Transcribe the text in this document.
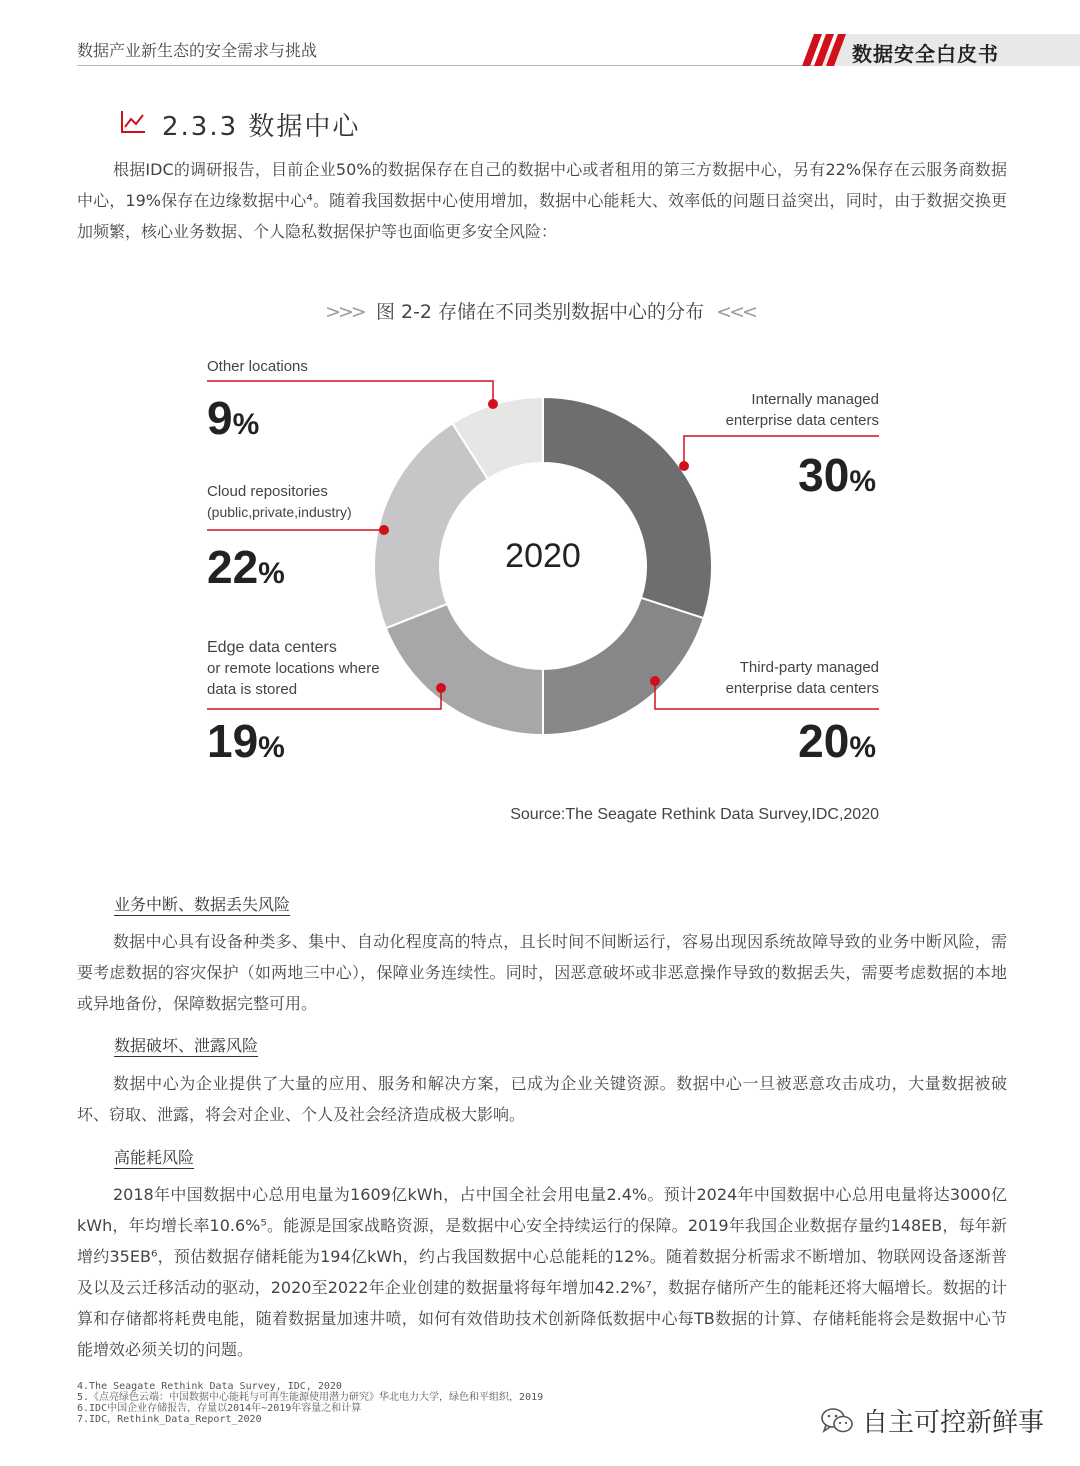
数据产业新生态的安全需求与挑战	数据安全白皮书
2.3.3 数据中心

根据IDC的调研报告，目前企业50%的数据保存在自己的数据中心或者租用的第三方数据中心，另有22%保存在云服务商数据中心，19%保存在边缘数据中心⁴。随着我国数据中心使用增加，数据中心能耗大、效率低的问题日益突出，同时，由于数据交换更加频繁，核心业务数据、个人隐私数据保护等也面临更多安全风险：

>>> 图 2-2 存储在不同类别数据中心的分布 <<<
2020
Other locations
9%
Cloud repositories
(public,private,industry)
22%
Edge data centers
or remote locations where
data is stored
19%
Internally managed
enterprise data centers
30%
Third-party managed
enterprise data centers
20%
Source:The Seagate Rethink Data Survey,IDC,2020
业务中断、数据丢失风险

数据中心具有设备种类多、集中、自动化程度高的特点，且长时间不间断运行，容易出现因系统故障导致的业务中断风险，需要考虑数据的容灾保护（如两地三中心），保障业务连续性。同时，因恶意破坏或非恶意操作导致的数据丢失，需要考虑数据的本地或异地备份，保障数据完整可用。

数据破坏、泄露风险

数据中心为企业提供了大量的应用、服务和解决方案，已成为企业关键资源。数据中心一旦被恶意攻击成功，大量数据被破坏、窃取、泄露，将会对企业、个人及社会经济造成极大影响。

高能耗风险

2018年中国数据中心总用电量为1609亿kWh，占中国全社会用电量2.4%。预计2024年中国数据中心总用电量将达3000亿kWh，年均增长率10.6%⁵。能源是国家战略资源，是数据中心安全持续运行的保障。2019年我国企业数据存量约148EB，每年新增约35EB⁶，预估数据存储耗能为194亿kWh，约占我国数据中心总能耗的12%。随着数据分析需求不断增加、物联网设备逐渐普及以及云迁移活动的驱动，2020至2022年企业创建的数据量将每年增加42.2%⁷，数据存储所产生的能耗还将大幅增长。数据的计算和存储都将耗费电能，随着数据量加速井喷，如何有效借助技术创新降低数据中心每TB数据的计算、存储耗能将会是数据中心节能增效必须关切的问题。

4.The Seagate Rethink Data Survey, IDC, 2020
5.《点亮绿色云端：中国数据中心能耗与可再生能源使用潜力研究》华北电力大学，绿色和平组织，2019
6.IDC中国企业存储报告，存量以2014年~2019年容量之和计算
7.IDC，Rethink_Data_Report_2020	自主可控新鲜事
